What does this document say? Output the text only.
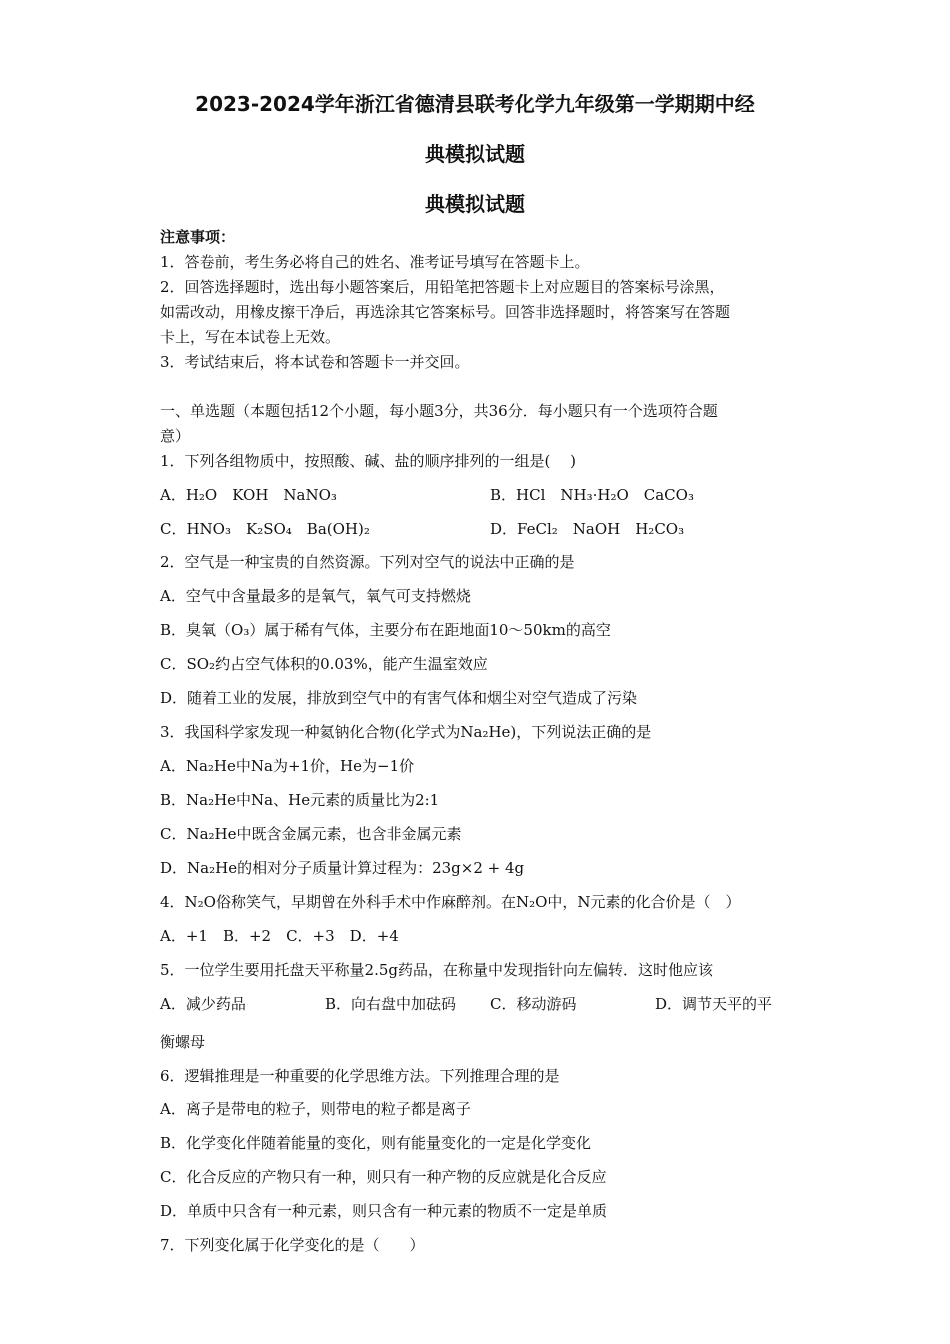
2023-2024学年浙江省德清县联考化学九年级第一学期期中经
典模拟试题
典模拟试题
注意事项：
1．答卷前，考生务必将自己的姓名、准考证号填写在答题卡上。
2．回答选择题时，选出每小题答案后，用铅笔把答题卡上对应题目的答案标号涂黑，
如需改动，用橡皮擦干净后，再选涂其它答案标号。回答非选择题时，将答案写在答题
卡上，写在本试卷上无效。
3．考试结束后，将本试卷和答题卡一并交回。
一、单选题（本题包括12个小题，每小题3分，共36分．每小题只有一个选项符合题
意）
1．下列各组物质中，按照酸、碱、盐的顺序排列的一组是(　 )
A．H₂O　KOH　NaNO₃	B．HCl　NH₃·H₂O　CaCO₃
C．HNO₃　K₂SO₄　Ba(OH)₂	D．FeCl₂　NaOH　H₂CO₃
2．空气是一种宝贵的自然资源。下列对空气的说法中正确的是
A．空气中含量最多的是氧气，氧气可支持燃烧
B．臭氧（O₃）属于稀有气体，主要分布在距地面10～50km的高空
C．SO₂约占空气体积的0.03%，能产生温室效应
D．随着工业的发展，排放到空气中的有害气体和烟尘对空气造成了污染
3．我国科学家发现一种氦钠化合物(化学式为Na₂He)，下列说法正确的是
A．Na₂He中Na为+1价，He为−1价
B．Na₂He中Na、He元素的质量比为2:1
C．Na₂He中既含金属元素，也含非金属元素
D．Na₂He的相对分子质量计算过程为：23g×2 + 4g
4．N₂O俗称笑气，早期曾在外科手术中作麻醉剂。在N₂O中，N元素的化合价是（　）
A．+1　B．+2　C．+3　D．+4
5．一位学生要用托盘天平称量2.5g药品，在称量中发现指针向左偏转．这时他应该
A．减少药品	B．向右盘中加砝码 C．移动游码	D．调节天平的平
衡螺母
6．逻辑推理是一种重要的化学思维方法。下列推理合理的是
A．离子是带电的粒子，则带电的粒子都是离子
B．化学变化伴随着能量的变化，则有能量变化的一定是化学变化
C．化合反应的产物只有一种，则只有一种产物的反应就是化合反应
D．单质中只含有一种元素，则只含有一种元素的物质不一定是单质
7．下列变化属于化学变化的是（　　）
